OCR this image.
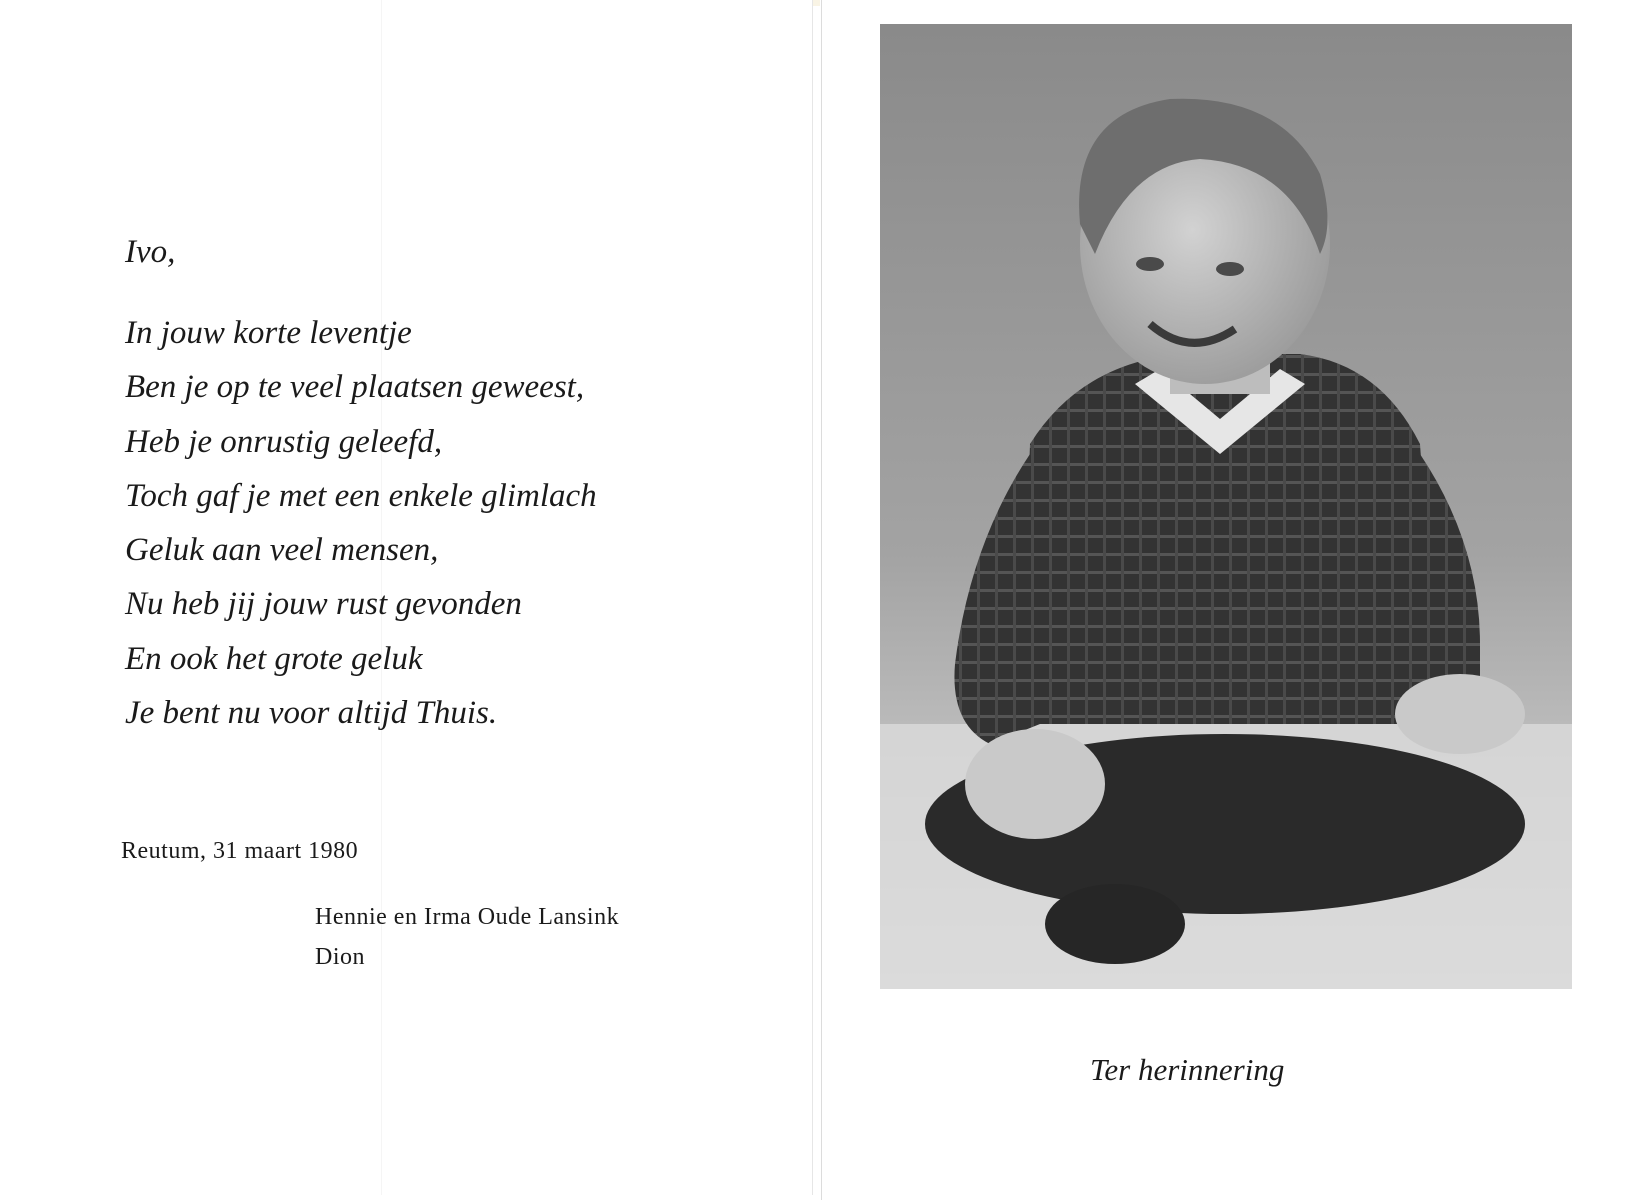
Ivo,
In jouw korte leventje
Ben je op te veel plaatsen geweest,
Heb je onrustig geleefd,
Toch gaf je met een enkele glimlach
Geluk aan veel mensen,
Nu heb jij jouw rust gevonden
En ook het grote geluk
Je bent nu voor altijd Thuis.
Reutum, 31 maart 1980
Hennie en Irma Oude Lansink
Dion
Ter herinnering
